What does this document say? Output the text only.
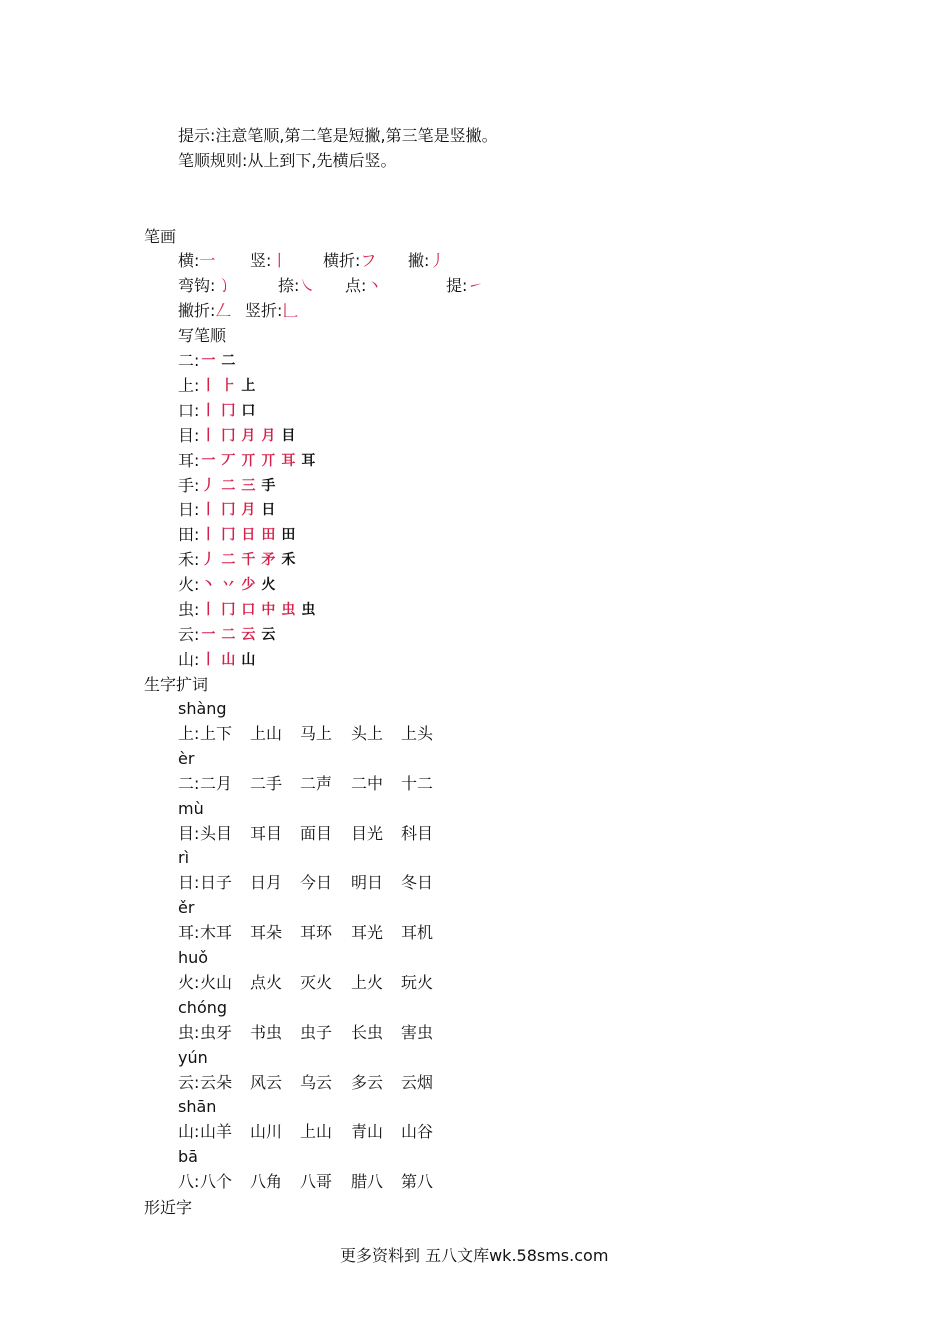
提示:注意笔顺,第二笔是短撇,第三笔是竖撇。
笔顺规则:从上到下,先横后竖。
笔画
横:一 竖:丨 横折:フ 撇:丿
弯钩:㇁	捺:㇏ 点:丶	提:㇀
撇折:𠃋 竖折:𠃊
写笔顺
二: 一 二
上: 丨 ⺊ 上
口: 丨 冂 口
目: 丨 冂 月 月 目
耳: 一 丆 丌 丌 耳 耳
手: 丿 二 三 手
日: 丨 冂 月 日
田: 丨 冂 日 田 田
禾: 丿 二 千 矛 禾
火: 丶 丷 少 火
虫: 丨 冂 口 中 虫 虫
云: 一 二 云 云
山: 丨 山 山
生字扩词
shàng
上: 上下 上山 马上 头上 上头
èr
二: 二月 二手 二声 二中 十二
mù
目: 头目 耳目 面目 目光 科目
rì
日: 日子 日月 今日 明日 冬日
ěr
耳: 木耳 耳朵 耳环 耳光 耳机
huǒ
火: 火山 点火 灭火 上火 玩火
chóng
虫: 虫牙 书虫 虫子 长虫 害虫
yún
云: 云朵 风云 乌云 多云 云烟
shān
山: 山羊 山川 上山 青山 山谷
bā
八: 八个 八角 八哥 腊八 第八
形近字
更多资料到 五八文库wk.58sms.com
